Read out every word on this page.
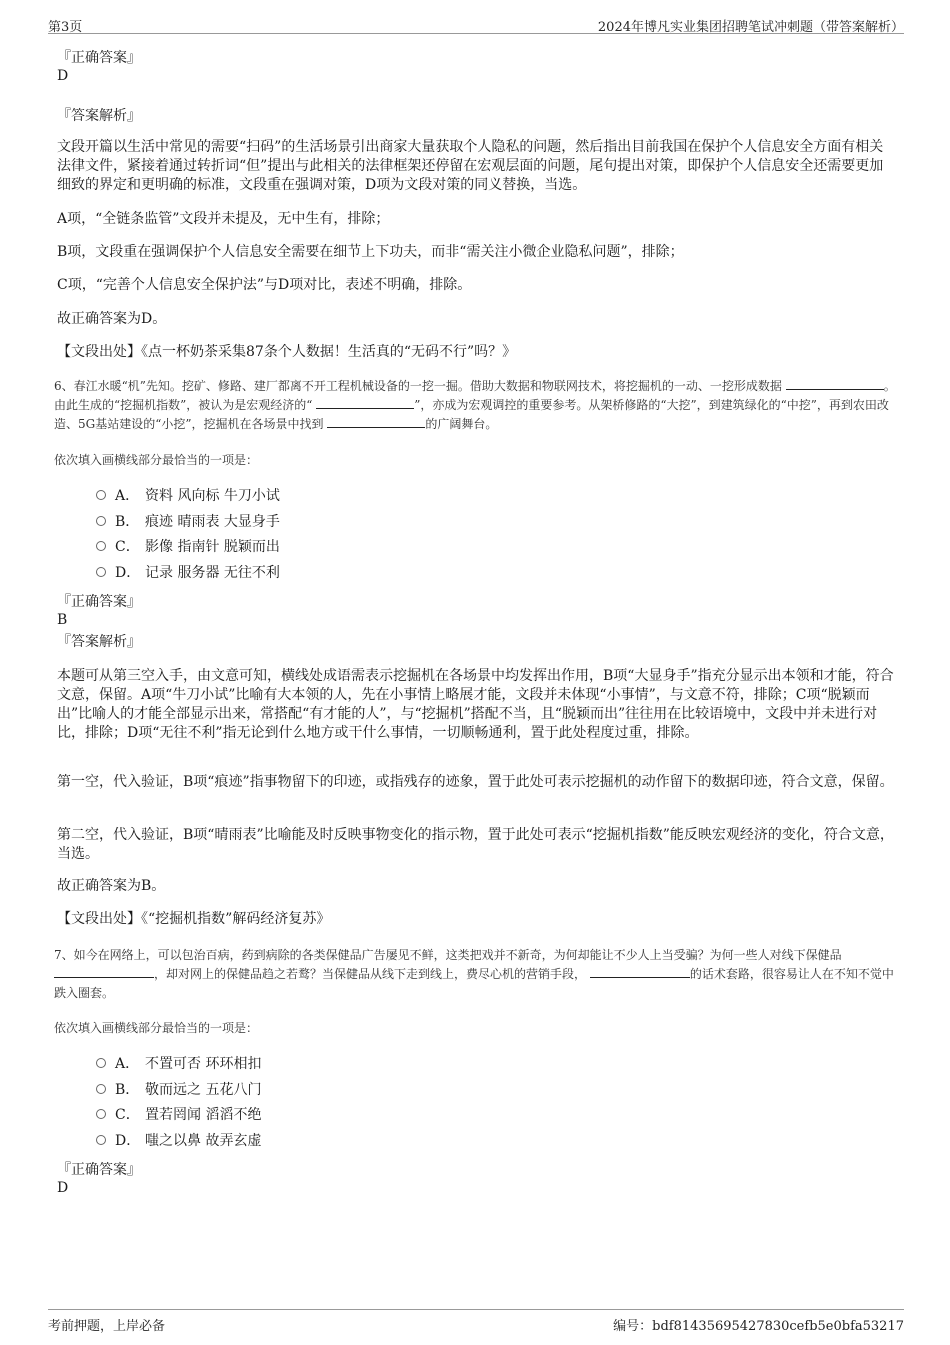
第3页	2024年博凡实业集团招聘笔试冲刺题（带答案解析）
『正确答案』
D
『答案解析』
文段开篇以生活中常见的需要“扫码”的生活场景引出商家大量获取个人隐私的问题，然后指出目前我国在保护个人信息安全方面有相关法律文件，紧接着通过转折词“但”提出与此相关的法律框架还停留在宏观层面的问题，尾句提出对策，即保护个人信息安全还需要更加细致的界定和更明确的标准，文段重在强调对策，D项为文段对策的同义替换，当选。
A项，“全链条监管”文段并未提及，无中生有，排除；
B项，文段重在强调保护个人信息安全需要在细节上下功夫，而非“需关注小微企业隐私问题”，排除；
C项，“完善个人信息安全保护法”与D项对比，表述不明确，排除。
故正确答案为D。
【文段出处】《点一杯奶茶采集87条个人数据！生活真的“无码不行”吗？》
6、春江水暖“机”先知。挖矿、修路、建厂都离不开工程机械设备的一挖一掘。借助大数据和物联网技术，将挖掘机的一动、一挖形成数据	。由此生成的“挖掘机指数”，被认为是宏观经济的“	”，亦成为宏观调控的重要参考。从架桥修路的“大挖”，到建筑绿化的“中挖”，再到农田改造、5G基站建设的“小挖”，挖掘机在各场景中找到	的广阔舞台。
依次填入画横线部分最恰当的一项是：
A． 资料 风向标 牛刀小试
B． 痕迹 晴雨表 大显身手
C． 影像 指南针 脱颖而出
D． 记录 服务器 无往不利
『正确答案』
B
『答案解析』
本题可从第三空入手，由文意可知，横线处成语需表示挖掘机在各场景中均发挥出作用，B项“大显身手”指充分显示出本领和才能，符合文意，保留。A项“牛刀小试”比喻有大本领的人，先在小事情上略展才能，文段并未体现“小事情”，与文意不符，排除；C项“脱颖而出”比喻人的才能全部显示出来，常搭配“有才能的人”，与“挖掘机”搭配不当，且“脱颖而出”往往用在比较语境中，文段中并未进行对比，排除；D项“无往不利”指无论到什么地方或干什么事情，一切顺畅通利，置于此处程度过重，排除。
第一空，代入验证，B项“痕迹”指事物留下的印迹，或指残存的迹象，置于此处可表示挖掘机的动作留下的数据印迹，符合文意，保留。
第二空，代入验证，B项“晴雨表”比喻能及时反映事物变化的指示物，置于此处可表示“挖掘机指数”能反映宏观经济的变化，符合文意，当选。
故正确答案为B。
【文段出处】《“挖掘机指数”解码经济复苏》
7、如今在网络上，可以包治百病，药到病除的各类保健品广告屡见不鲜，这类把戏并不新奇，为何却能让不少人上当受骗？为何一些人对线下保健品 ，却对网上的保健品趋之若鹜？当保健品从线下走到线上，费尽心机的营销手段，	的话术套路，很容易让人在不知不觉中跌入圈套。
依次填入画横线部分最恰当的一项是：
A． 不置可否 环环相扣
B． 敬而远之 五花八门
C． 置若罔闻 滔滔不绝
D． 嗤之以鼻 故弄玄虚
『正确答案』
D
考前押题，上岸必备	编号：bdf81435695427830cefb5e0bfa53217
